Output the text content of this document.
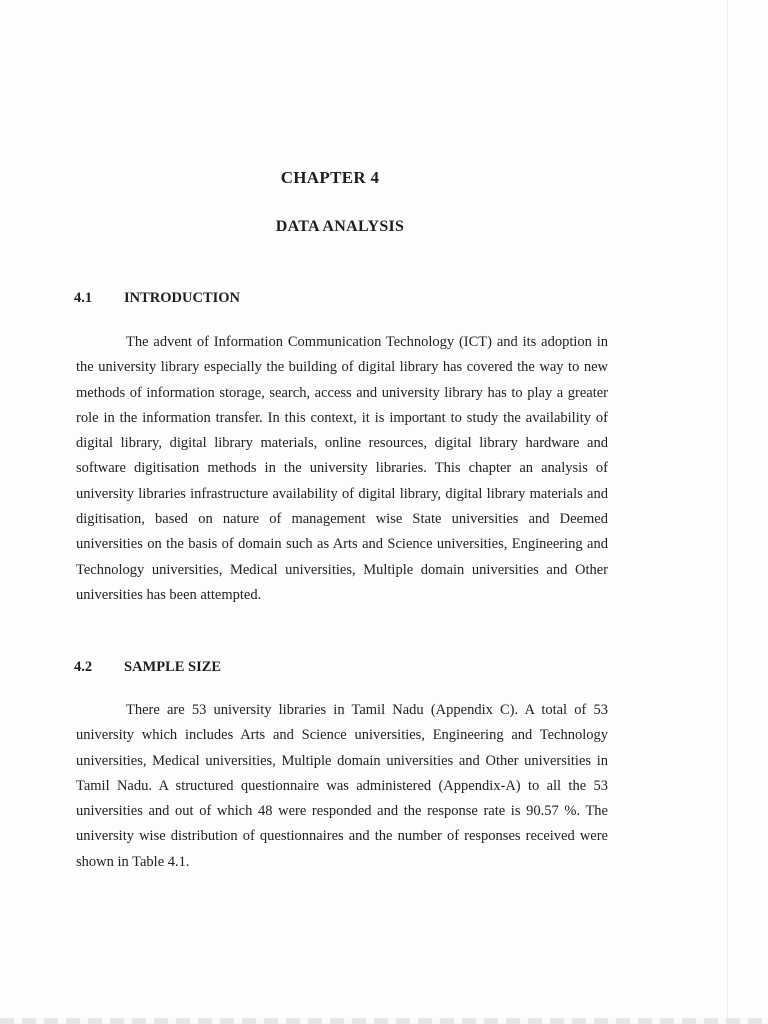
CHAPTER 4
DATA ANALYSIS
4.1	INTRODUCTION

The advent of Information Communication Technology (ICT) and its adoption in the university library especially the building of digital library has covered the way to new methods of information storage, search, access and university library has to play a greater role in the information transfer. In this context, it is important to study the availability of digital library, digital library materials, online resources, digital library hardware and software digitisation methods in the university libraries. This chapter an analysis of university libraries infrastructure availability of digital library, digital library materials and digitisation, based on nature of management wise State universities and Deemed universities on the basis of domain such as Arts and Science universities, Engineering and Technology universities, Medical universities, Multiple domain universities and Other universities has been attempted.

4.2	SAMPLE SIZE

There are 53 university libraries in Tamil Nadu (Appendix C). A total of 53 university which includes Arts and Science universities, Engineering and Technology universities, Medical universities, Multiple domain universities and Other universities in Tamil Nadu. A structured questionnaire was administered (Appendix-A) to all the 53 universities and out of which 48 were responded and the response rate is 90.57 %. The university wise distribution of questionnaires and the number of responses received were shown in Table 4.1.
